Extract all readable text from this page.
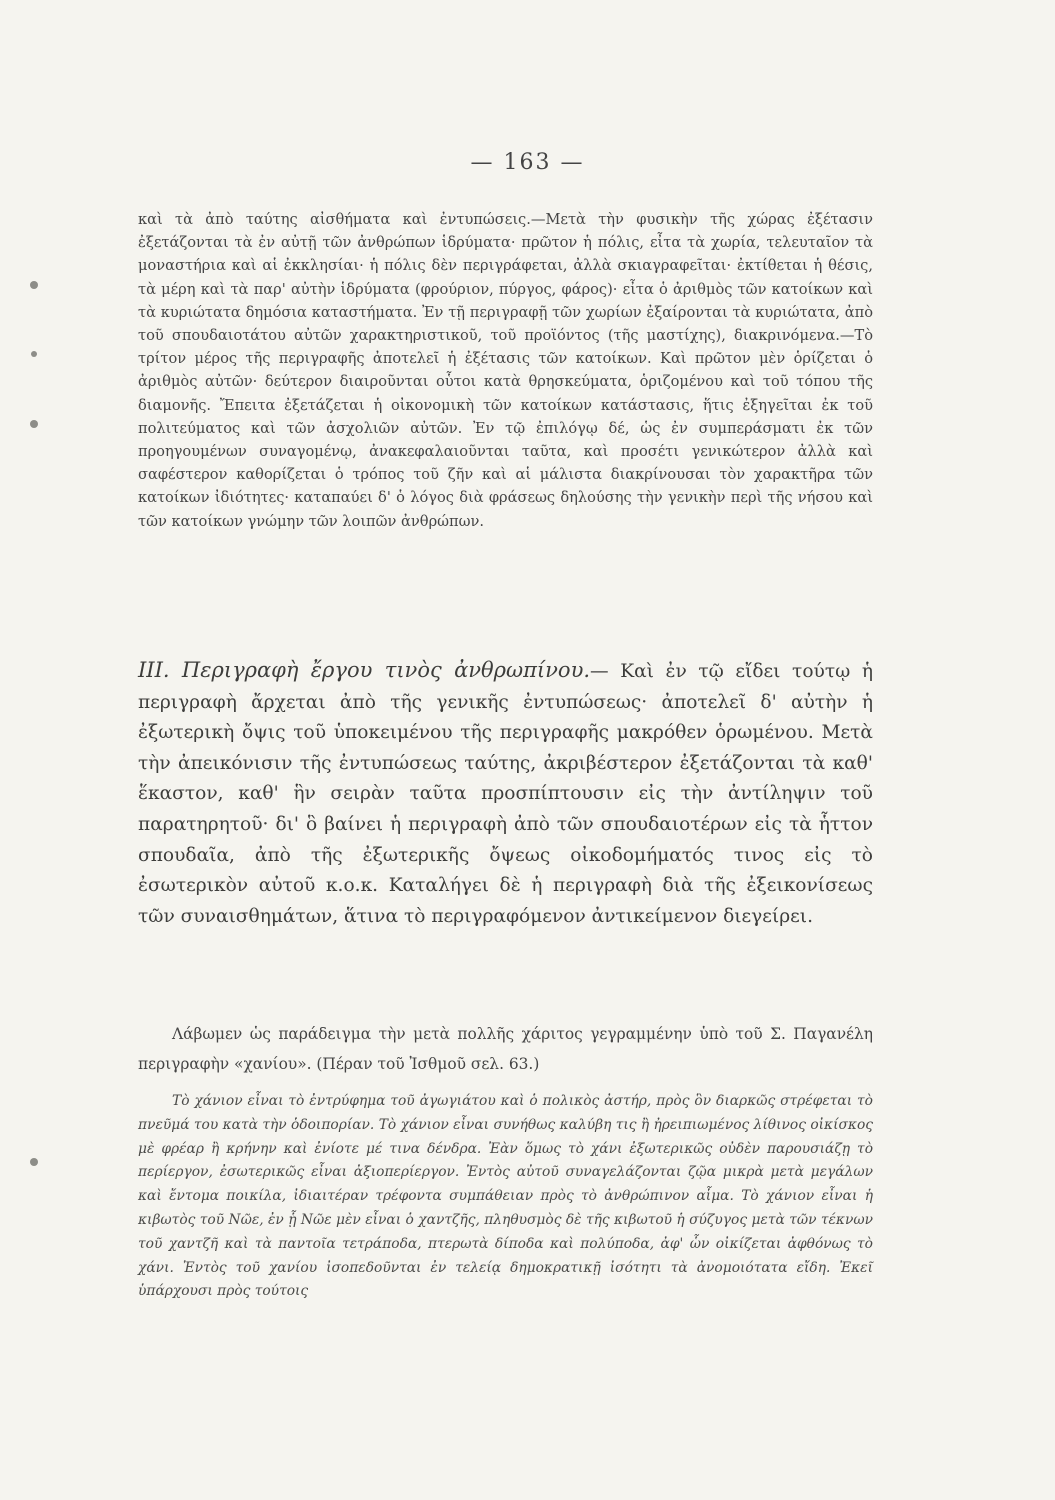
— 163 —
καὶ τὰ ἀπὸ ταύτης αἰσθήματα καὶ ἐντυπώσεις.—Μετὰ τὴν φυσικὴν τῆς χώρας ἐξέτασιν ἐξετάζονται τὰ ἐν αὐτῇ τῶν ἀνθρώπων ἱδρύματα· πρῶτον ἡ πόλις, εἶτα τὰ χωρία, τελευταῖον τὰ μοναστήρια καὶ αἱ ἐκκλησίαι· ἡ πόλις δὲν περιγράφεται, ἀλλὰ σκιαγραφεῖται· ἐκτίθεται ἡ θέσις, τὰ μέρη καὶ τὰ παρ' αὐτὴν ἱδρύματα (φρούριον, πύργος, φάρος)· εἶτα ὁ ἀριθμὸς τῶν κατοίκων καὶ τὰ κυριώτατα δημόσια καταστήματα. Ἐν τῇ περιγραφῇ τῶν χωρίων ἐξαίρονται τὰ κυριώτατα, ἀπὸ τοῦ σπουδαιοτάτου αὐτῶν χαρακτηριστικοῦ, τοῦ προϊόντος (τῆς μαστίχης), διακρινόμενα.—Τὸ τρίτον μέρος τῆς περιγραφῆς ἀποτελεῖ ἡ ἐξέτασις τῶν κατοίκων. Καὶ πρῶτον μὲν ὁρίζεται ὁ ἀριθμὸς αὐτῶν· δεύτερον διαιροῦνται οὗτοι κατὰ θρησκεύματα, ὁριζομένου καὶ τοῦ τόπου τῆς διαμονῆς. Ἔπειτα ἐξετάζεται ἡ οἰκονομικὴ τῶν κατοίκων κατάστασις, ἥτις ἐξηγεῖται ἐκ τοῦ πολιτεύματος καὶ τῶν ἀσχολιῶν αὐτῶν. Ἐν τῷ ἐπιλόγῳ δέ, ὡς ἐν συμπεράσματι ἐκ τῶν προηγουμένων συναγομένῳ, ἀνακεφαλαιοῦνται ταῦτα, καὶ προσέτι γενικώτερον ἀλλὰ καὶ σαφέστερον καθορίζεται ὁ τρόπος τοῦ ζῆν καὶ αἱ μάλιστα διακρίνουσαι τὸν χαρακτῆρα τῶν κατοίκων ἰδιότητες· καταπαύει δ' ὁ λόγος διὰ φράσεως δηλούσης τὴν γενικὴν περὶ τῆς νήσου καὶ τῶν κατοίκων γνώμην τῶν λοιπῶν ἀνθρώπων.
III. Περιγραφὴ ἔργου τινὸς ἀνθρωπίνου.— Καὶ ἐν τῷ εἴδει τούτῳ ἡ περιγραφὴ ἄρχεται ἀπὸ τῆς γενικῆς ἐντυπώσεως· ἀποτελεῖ δ' αὐτὴν ἡ ἐξωτερικὴ ὄψις τοῦ ὑποκειμένου τῆς περιγραφῆς μακρόθεν ὁρωμένου. Μετὰ τὴν ἀπεικόνισιν τῆς ἐντυπώσεως ταύτης, ἀκριβέστερον ἐξετάζονται τὰ καθ' ἕκαστον, καθ' ἣν σειρὰν ταῦτα προσπίπτουσιν εἰς τὴν ἀντίληψιν τοῦ παρατηρητοῦ· δι' ὃ βαίνει ἡ περιγραφὴ ἀπὸ τῶν σπουδαιοτέρων εἰς τὰ ἧττον σπουδαῖα, ἀπὸ τῆς ἐξωτερικῆς ὄψεως οἰκοδομήματός τινος εἰς τὸ ἐσωτερικὸν αὐτοῦ κ.ο.κ. Καταλήγει δὲ ἡ περιγραφὴ διὰ τῆς ἐξεικονίσεως τῶν συναισθημάτων, ἅτινα τὸ περιγραφόμενον ἀντικείμενον διεγείρει.
Λάβωμεν ὡς παράδειγμα τὴν μετὰ πολλῆς χάριτος γεγραμμένην ὑπὸ τοῦ Σ. Παγανέλη περιγραφὴν «χανίου». (Πέραν τοῦ Ἰσθμοῦ σελ. 63.)
Τὸ χάνιον εἶναι τὸ ἐντρύφημα τοῦ ἀγωγιάτου καὶ ὁ πολικὸς ἀστήρ, πρὸς ὃν διαρκῶς στρέφεται τὸ πνεῦμά του κατὰ τὴν ὁδοιπορίαν. Τὸ χάνιον εἶναι συνήθως καλύβη τις ἢ ἠρειπιωμένος λίθινος οἰκίσκος μὲ φρέαρ ἢ κρήνην καὶ ἐνίοτε μέ τινα δένδρα. Ἐὰν ὅμως τὸ χάνι ἐξωτερικῶς οὐδὲν παρουσιάζῃ τὸ περίεργον, ἐσωτερικῶς εἶναι ἀξιοπερίεργον. Ἐντὸς αὐτοῦ συναγελάζονται ζῷα μικρὰ μετὰ μεγάλων καὶ ἔντομα ποικίλα, ἰδιαιτέραν τρέφοντα συμπάθειαν πρὸς τὸ ἀνθρώπινον αἷμα. Τὸ χάνιον εἶναι ἡ κιβωτὸς τοῦ Νῶε, ἐν ᾗ Νῶε μὲν εἶναι ὁ χαντζῆς, πληθυσμὸς δὲ τῆς κιβωτοῦ ἡ σύζυγος μετὰ τῶν τέκνων τοῦ χαντζῆ καὶ τὰ παντοῖα τετράποδα, πτερωτὰ δίποδα καὶ πολύποδα, ἀφ' ὧν οἰκίζεται ἀφθόνως τὸ χάνι. Ἐντὸς τοῦ χανίου ἰσοπεδοῦνται ἐν τελείᾳ δημοκρατικῇ ἰσότητι τὰ ἀνομοιότατα εἴδη. Ἐκεῖ ὑπάρχουσι πρὸς τούτοις
